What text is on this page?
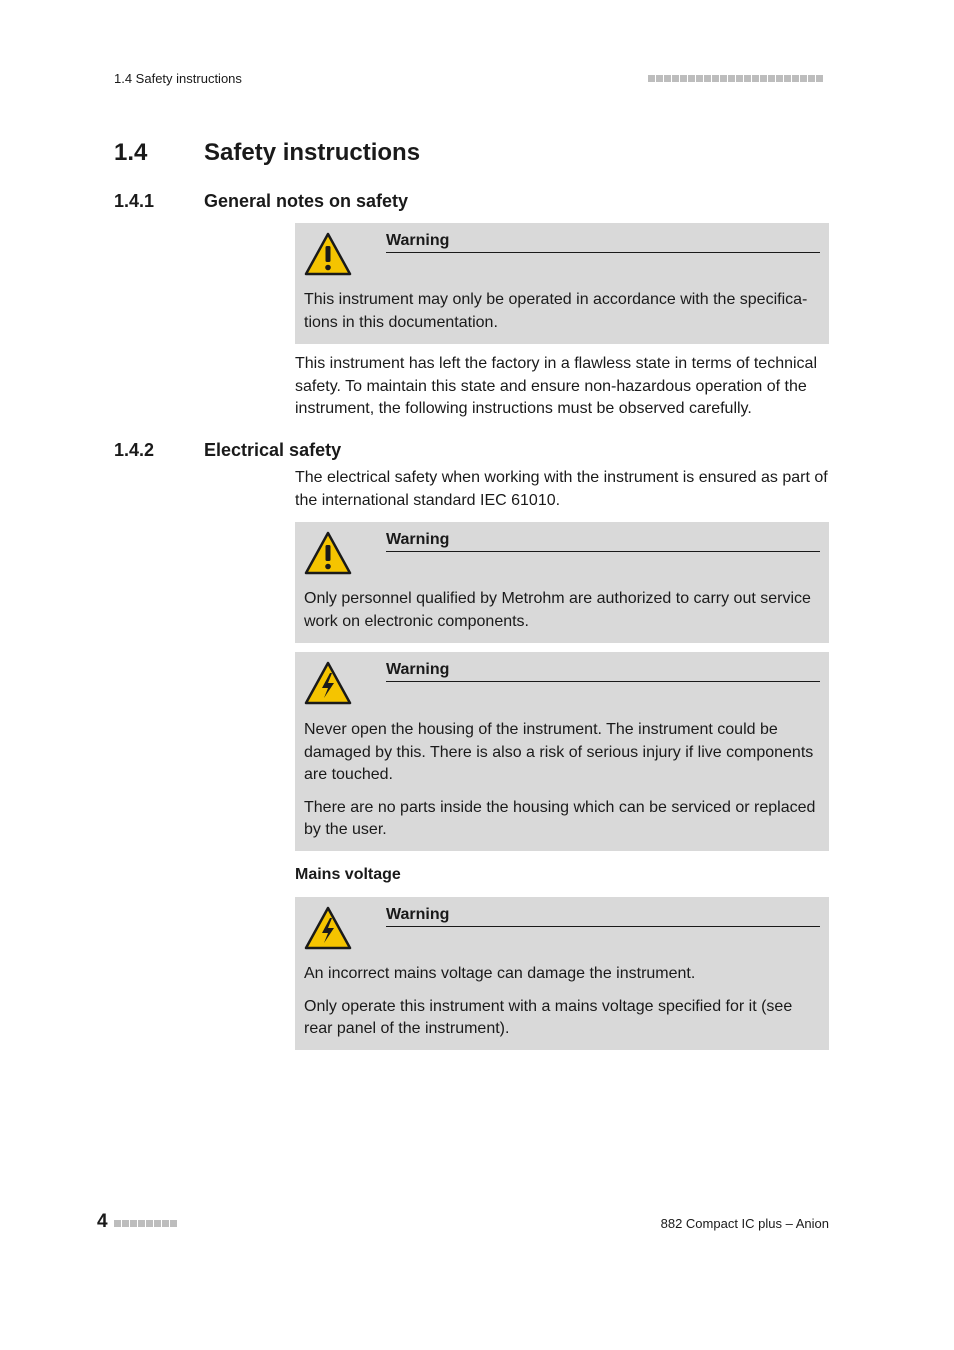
1.4 Safety instructions
1.4 Safety instructions
1.4.1	General notes on safety
Warning

This instrument may only be operated in accordance with the specifications in this documentation.

This instrument has left the factory in a flawless state in terms of technical safety. To maintain this state and ensure non-hazardous operation of the instrument, the following instructions must be observed carefully.

1.4.2	Electrical safety

The electrical safety when working with the instrument is ensured as part of the international standard IEC 61010.

Warning

Only personnel qualified by Metrohm are authorized to carry out service work on electronic components.

Warning

Never open the housing of the instrument. The instrument could be damaged by this. There is also a risk of serious injury if live components are touched.

There are no parts inside the housing which can be serviced or replaced by the user.

Mains voltage
Warning

An incorrect mains voltage can damage the instrument.

Only operate this instrument with a mains voltage specified for it (see rear panel of the instrument).

4	882 Compact IC plus – Anion
